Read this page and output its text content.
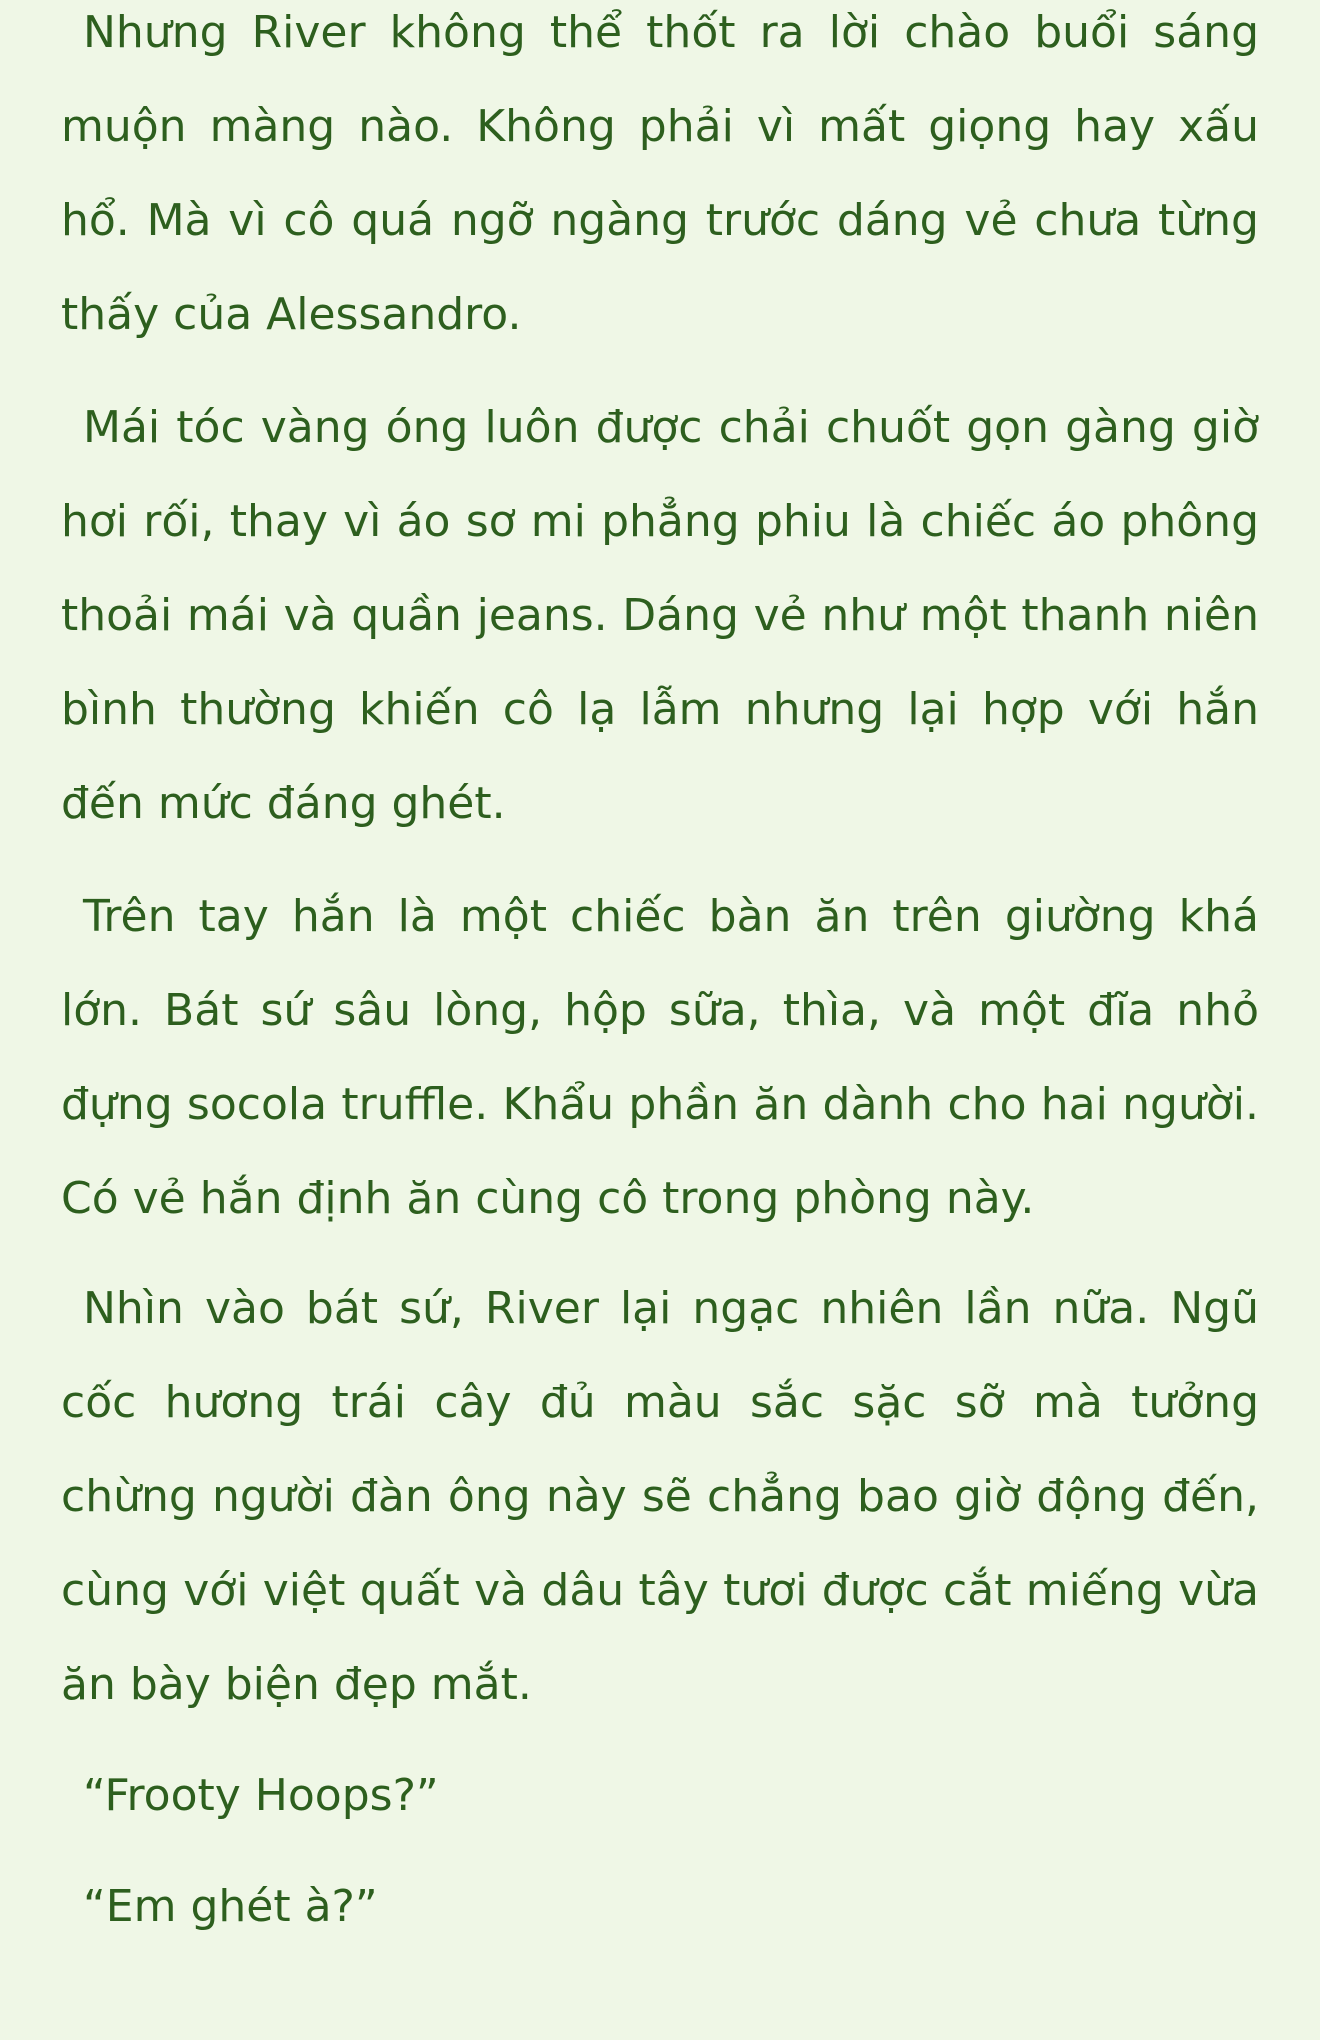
Nhưng River không thể thốt ra lời chào buổi sáng muộn màng nào. Không phải vì mất giọng hay xấu hổ. Mà vì cô quá ngỡ ngàng trước dáng vẻ chưa từng thấy của Alessandro.

Mái tóc vàng óng luôn được chải chuốt gọn gàng giờ hơi rối, thay vì áo sơ mi phẳng phiu là chiếc áo phông thoải mái và quần jeans. Dáng vẻ như một thanh niên bình thường khiến cô lạ lẫm nhưng lại hợp với hắn đến mức đáng ghét.

Trên tay hắn là một chiếc bàn ăn trên giường khá lớn. Bát sứ sâu lòng, hộp sữa, thìa, và một đĩa nhỏ đựng socola truffle. Khẩu phần ăn dành cho hai người. Có vẻ hắn định ăn cùng cô trong phòng này.

Nhìn vào bát sứ, River lại ngạc nhiên lần nữa. Ngũ cốc hương trái cây đủ màu sắc sặc sỡ mà tưởng chừng người đàn ông này sẽ chẳng bao giờ động đến, cùng với việt quất và dâu tây tươi được cắt miếng vừa ăn bày biện đẹp mắt.

“Frooty Hoops?”

“Em ghét à?”
